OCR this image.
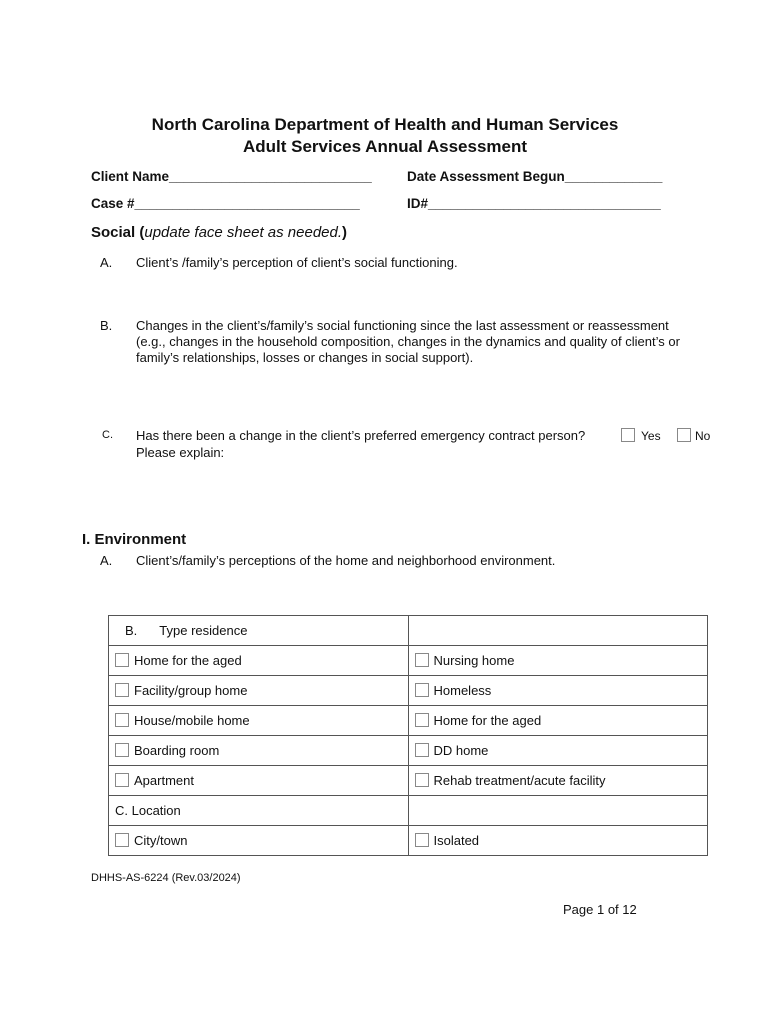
North Carolina Department of Health and Human Services
Adult Services Annual Assessment
Client Name___________________________	Date Assessment Begun_____________
Case #______________________________	ID#_______________________________
Social (update face sheet as needed.)
A. Client’s /family’s perception of client’s social functioning.
B. Changes in the client’s/family’s social functioning since the last assessment or reassessment (e.g., changes in the household composition, changes in the dynamics and quality of client’s or family’s relationships, losses or changes in social support).
C. Has there been a change in the client’s preferred emergency contract person?	Yes	No
Please explain:
I. Environment
A. Client’s/family’s perceptions of the home and neighborhood environment.
B. Type residence	
Home for the aged	Nursing home
Facility/group home	Homeless
House/mobile home	Home for the aged
Boarding room	DD home
Apartment	Rehab treatment/acute facility
C. Location	
City/town	Isolated
DHHS-AS-6224 (Rev.03/2024)
Page 1 of 12
